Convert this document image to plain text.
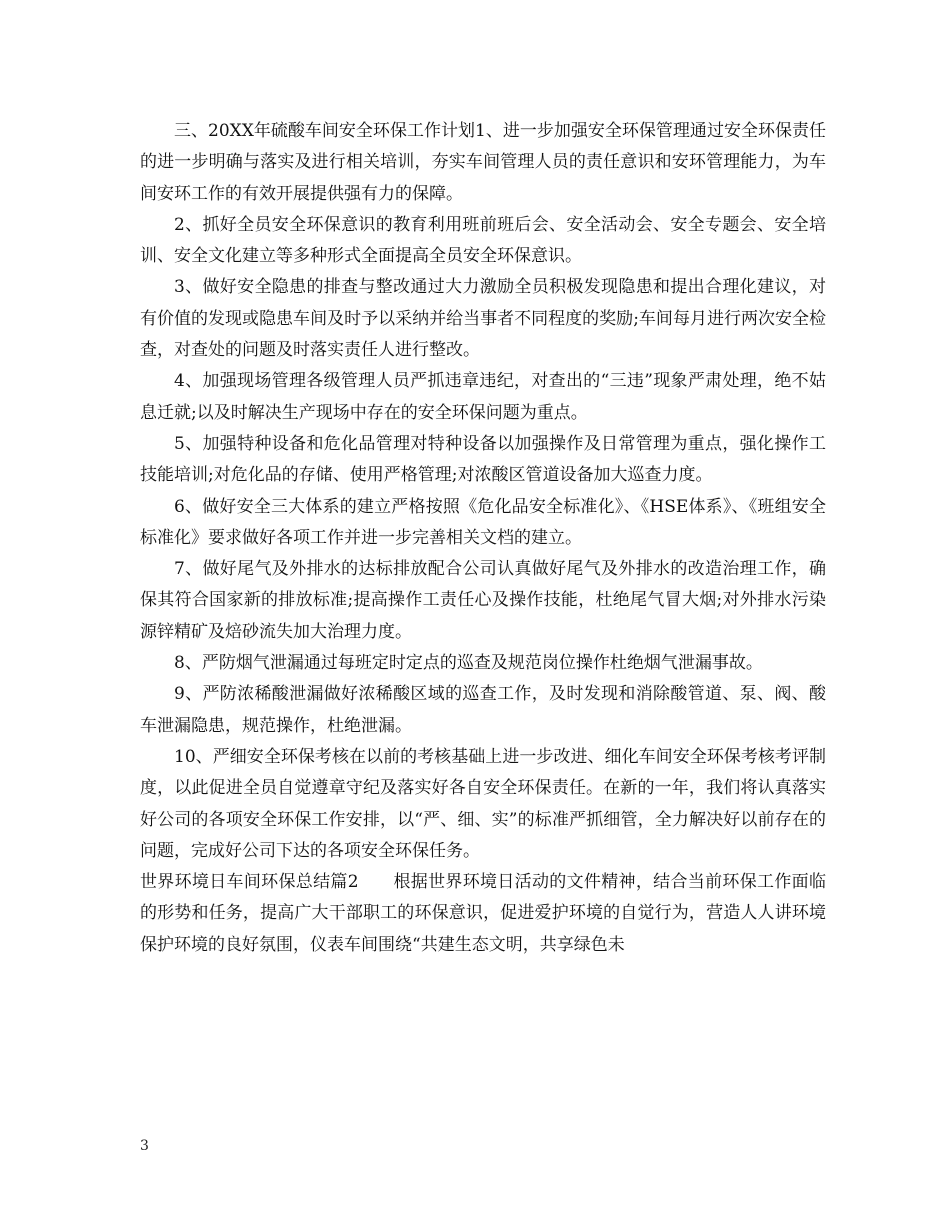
三、20XX年硫酸车间安全环保工作计划1、进一步加强安全环保管理通过安全环保责任的进一步明确与落实及进行相关培训，夯实车间管理人员的责任意识和安环管理能力，为车间安环工作的有效开展提供强有力的保障。

2、抓好全员安全环保意识的教育利用班前班后会、安全活动会、安全专题会、安全培训、安全文化建立等多种形式全面提高全员安全环保意识。

3、做好安全隐患的排查与整改通过大力激励全员积极发现隐患和提出合理化建议，对有价值的发现或隐患车间及时予以采纳并给当事者不同程度的奖励;车间每月进行两次安全检查，对查处的问题及时落实责任人进行整改。

4、加强现场管理各级管理人员严抓违章违纪，对查出的“三违”现象严肃处理，绝不姑息迁就;以及时解决生产现场中存在的安全环保问题为重点。

5、加强特种设备和危化品管理对特种设备以加强操作及日常管理为重点，强化操作工技能培训;对危化品的存储、使用严格管理;对浓酸区管道设备加大巡查力度。

6、做好安全三大体系的建立严格按照《危化品安全标准化》、《HSE体系》、《班组安全标准化》要求做好各项工作并进一步完善相关文档的建立。

7、做好尾气及外排水的达标排放配合公司认真做好尾气及外排水的改造治理工作，确保其符合国家新的排放标准;提高操作工责任心及操作技能，杜绝尾气冒大烟;对外排水污染源锌精矿及焙砂流失加大治理力度。

8、严防烟气泄漏通过每班定时定点的巡查及规范岗位操作杜绝烟气泄漏事故。

9、严防浓稀酸泄漏做好浓稀酸区域的巡查工作，及时发现和消除酸管道、泵、阀、酸车泄漏隐患，规范操作，杜绝泄漏。

10、严细安全环保考核在以前的考核基础上进一步改进、细化车间安全环保考核考评制度，以此促进全员自觉遵章守纪及落实好各自安全环保责任。在新的一年，我们将认真落实好公司的各项安全环保工作安排，以“严、细、实”的标准严抓细管，全力解决好以前存在的问题，完成好公司下达的各项安全环保任务。

世界环境日车间环保总结篇2　　根据世界环境日活动的文件精神，结合当前环保工作面临的形势和任务，提高广大干部职工的环保意识，促进爱护环境的自觉行为，营造人人讲环境保护环境的良好氛围，仪表车间围绕“共建生态文明，共享绿色未

3
